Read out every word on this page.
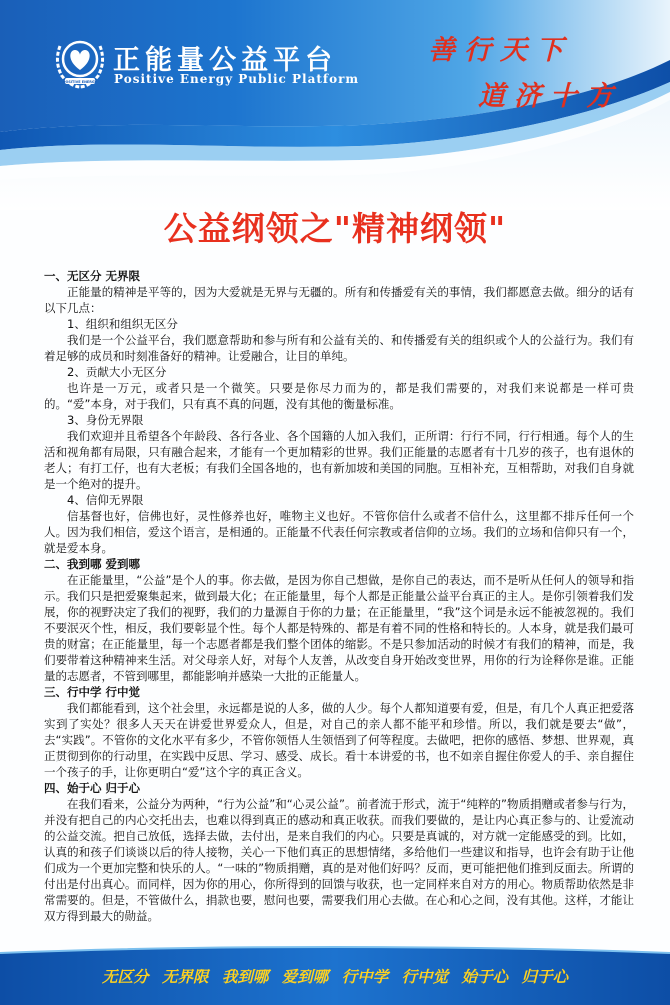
POSITIVE ENERGY
正能量公益平台
Positive Energy Public Platform
善行天下
道济十方
公益纲领之"精神纲领"

一、无区分 无界限

正能量的精神是平等的，因为大爱就是无界与无疆的。所有和传播爱有关的事情，我们都愿意去做。细分的话有以下几点：

1、组织和组织无区分

我们是一个公益平台，我们愿意帮助和参与所有和公益有关的、和传播爱有关的组织或个人的公益行为。我们有着足够的成员和时刻准备好的精神。让爱融合，让目的单纯。

2、贡献大小无区分

也许是一万元，或者只是一个微笑。只要是你尽力而为的，都是我们需要的，对我们来说都是一样可贵的。“爱”本身，对于我们，只有真不真的问题，没有其他的衡量标准。

3、身份无界限

我们欢迎并且希望各个年龄段、各行各业、各个国籍的人加入我们，正所谓：行行不同，行行相通。每个人的生活和视角都有局限，只有融合起来，才能有一个更加精彩的世界。我们正能量的志愿者有十几岁的孩子，也有退休的老人；有打工仔，也有大老板；有我们全国各地的，也有新加坡和美国的同胞。互相补充，互相帮助，对我们自身就是一个绝对的提升。

4、信仰无界限

信基督也好，信佛也好，灵性修养也好，唯物主义也好。不管你信什么或者不信什么，这里都不排斥任何一个人。因为我们相信，爱这个语言，是相通的。正能量不代表任何宗教或者信仰的立场。我们的立场和信仰只有一个，就是爱本身。

二、我到哪 爱到哪

在正能量里，“公益”是个人的事。你去做，是因为你自己想做，是你自己的表达，而不是听从任何人的领导和指示。我们只是把爱聚集起来，做到最大化；在正能量里，每个人都是正能量公益平台真正的主人。是你引领着我们发展，你的视野决定了我们的视野，我们的力量源自于你的力量；在正能量里，“我”这个词是永远不能被忽视的。我们不要泯灭个性，相反，我们要彰显个性。每个人都是特殊的、都是有着不同的性格和特长的。人本身，就是我们最可贵的财富；在正能量里，每一个志愿者都是我们整个团体的缩影。不是只参加活动的时候才有我们的精神，而是，我们要带着这种精神来生活。对父母亲人好，对每个人友善，从改变自身开始改变世界，用你的行为诠释你是谁。正能量的志愿者，不管到哪里，都能影响并感染一大批的正能量人。

三、行中学 行中觉

我们都能看到，这个社会里，永远都是说的人多，做的人少。每个人都知道要有爱，但是，有几个人真正把爱落实到了实处？很多人天天在讲爱世界爱众人，但是，对自己的亲人都不能平和珍惜。所以，我们就是要去“做”，去“实践”。不管你的文化水平有多少，不管你领悟人生领悟到了何等程度。去做吧，把你的感悟、梦想、世界观，真正贯彻到你的行动里，在实践中反思、学习、感受、成长。看十本讲爱的书，也不如亲自握住你爱人的手、亲自握住一个孩子的手，让你更明白“爱”这个字的真正含义。

四、始于心 归于心

在我们看来，公益分为两种，“行为公益”和“心灵公益”。前者流于形式，流于“纯粹的”物质捐赠或者参与行为，并没有把自己的内心交托出去，也难以得到真正的感动和真正收获。而我们要做的，是让内心真正参与的、让爱流动的公益交流。把自己放低，选择去做，去付出，是来自我们的内心。只要是真诚的，对方就一定能感受的到。比如，认真的和孩子们谈谈以后的待人接物，关心一下他们真正的思想情绪，多给他们一些建议和指导，也许会有助于让他们成为一个更加完整和快乐的人。“一味的”物质捐赠，真的是对他们好吗？反而，更可能把他们推到反面去。所谓的付出是付出真心。而同样，因为你的用心，你所得到的回馈与收获，也一定同样来自对方的用心。物质帮助依然是非常需要的。但是，不管做什么，捐款也要，慰问也要，需要我们用心去做。在心和心之间，没有其他。这样，才能让双方得到最大的勋益。

无区分 无界限 我到哪 爱到哪 行中学 行中觉 始于心 归于心
